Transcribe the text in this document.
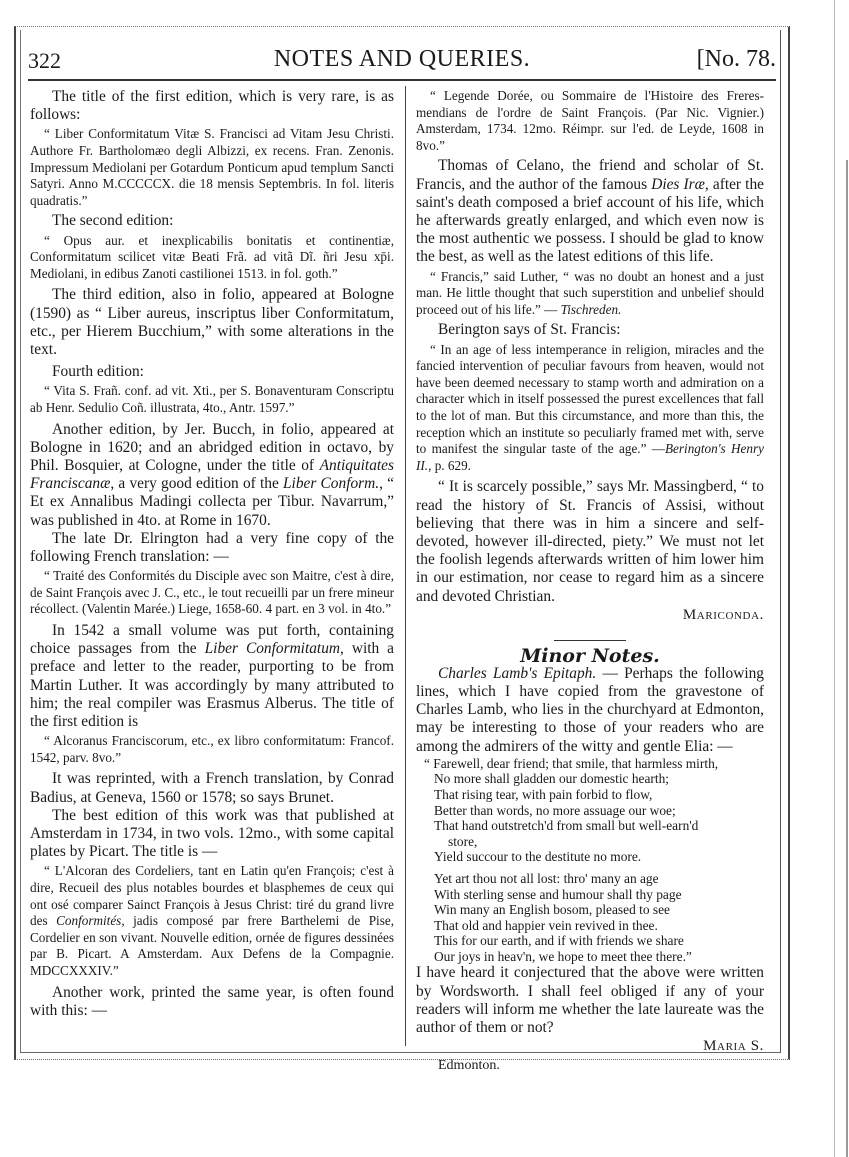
322	NOTES AND QUERIES.	[No. 78.

The title of the first edition, which is very rare, is as follows:

“ Liber Conformitatum Vitæ S. Francisci ad Vitam Jesu Christi. Authore Fr. Bartholomæo degli Albizzi, ex recens. Fran. Zenonis. Impressum Mediolani per Gotardum Ponticum apud templum Sancti Satyri. Anno M.CCCCCX. die 18 mensis Septembris. In fol. literis quadratis.”

The second edition:

“ Opus aur. et inexplicabilis bonitatis et continentiæ, Conformitatum scilicet vitæ Beati Frã. ad vitã Dĩ. ñri Jesu xp̄i. Mediolani, in edibus Zanoti castilionei 1513. in fol. goth.”

The third edition, also in folio, appeared at Bologne (1590) as “ Liber aureus, inscriptus liber Conformitatum, etc., per Hierem Bucchium,” with some alterations in the text.

Fourth edition:

“ Vita S. Frañ. conf. ad vit. Xti., per S. Bonaventuram Conscriptu ab Henr. Sedulio Coñ. illustrata, 4to., Antr. 1597.”

Another edition, by Jer. Bucch, in folio, appeared at Bologne in 1620; and an abridged edition in octavo, by Phil. Bosquier, at Cologne, under the title of Antiquitates Franciscanæ, a very good edition of the Liber Conform., “ Et ex Annalibus Madingi collecta per Tibur. Navarrum,” was published in 4to. at Rome in 1670.

The late Dr. Elrington had a very fine copy of the following French translation: —

“ Traité des Conformités du Disciple avec son Maitre, c'est à dire, de Saint François avec J. C., etc., le tout recueilli par un frere mineur récollect. (Valentin Marée.) Liege, 1658-60. 4 part. en 3 vol. in 4to.”

In 1542 a small volume was put forth, containing choice passages from the Liber Conformitatum, with a preface and letter to the reader, purporting to be from Martin Luther. It was accordingly by many attributed to him; the real compiler was Erasmus Alberus. The title of the first edition is

“ Alcoranus Franciscorum, etc., ex libro conformitatum: Francof. 1542, parv. 8vo.”

It was reprinted, with a French translation, by Conrad Badius, at Geneva, 1560 or 1578; so says Brunet.

The best edition of this work was that published at Amsterdam in 1734, in two vols. 12mo., with some capital plates by Picart. The title is —

“ L'Alcoran des Cordeliers, tant en Latin qu'en François; c'est à dire, Recueil des plus notables bourdes et blasphemes de ceux qui ont osé comparer Sainct François à Jesus Christ: tiré du grand livre des Conformités, jadis composé par frere Barthelemi de Pise, Cordelier en son vivant. Nouvelle edition, ornée de figures dessinées par B. Picart. A Amsterdam. Aux Defens de la Compagnie. MDCCXXXIV.”

Another work, printed the same year, is often found with this: —

“ Legende Dorée, ou Sommaire de l'Histoire des Freres-mendians de l'ordre de Saint François. (Par Nic. Vignier.) Amsterdam, 1734. 12mo. Réimpr. sur l'ed. de Leyde, 1608 in 8vo.”

Thomas of Celano, the friend and scholar of St. Francis, and the author of the famous Dies Iræ, after the saint's death composed a brief account of his life, which he afterwards greatly enlarged, and which even now is the most authentic we possess. I should be glad to know the best, as well as the latest editions of this life.

“ Francis,” said Luther, “ was no doubt an honest and a just man. He little thought that such superstition and unbelief should proceed out of his life.” — Tischreden.

Berington says of St. Francis:

“ In an age of less intemperance in religion, miracles and the fancied intervention of peculiar favours from heaven, would not have been deemed necessary to stamp worth and admiration on a character which in itself possessed the purest excellences that fall to the lot of man. But this circumstance, and more than this, the reception which an institute so peculiarly framed met with, serve to manifest the singular taste of the age.” —Berington's Henry II., p. 629.

“ It is scarcely possible,” says Mr. Massingberd, “ to read the history of St. Francis of Assisi, without believing that there was in him a sincere and self-devoted, however ill-directed, piety.” We must not let the foolish legends afterwards written of him lower him in our estimation, nor cease to regard him as a sincere and devoted Christian.

Mariconda.

Minor Notes.

Charles Lamb's Epitaph. — Perhaps the following lines, which I have copied from the gravestone of Charles Lamb, who lies in the churchyard at Edmonton, may be interesting to those of your readers who are among the admirers of the witty and gentle Elia: —

“ Farewell, dear friend; that smile, that harmless mirth,
No more shall gladden our domestic hearth;
That rising tear, with pain forbid to flow,
Better than words, no more assuage our woe;
That hand outstretch'd from small but well-earn'd
store,
Yield succour to the destitute no more.
Yet art thou not all lost: thro' many an age
With sterling sense and humour shall thy page
Win many an English bosom, pleased to see
That old and happier vein revived in thee.
This for our earth, and if with friends we share
Our joys in heav'n, we hope to meet thee there.”

I have heard it conjectured that the above were written by Wordsworth. I shall feel obliged if any of your readers will inform me whether the late laureate was the author of them or not?

Maria S.

Edmonton.
